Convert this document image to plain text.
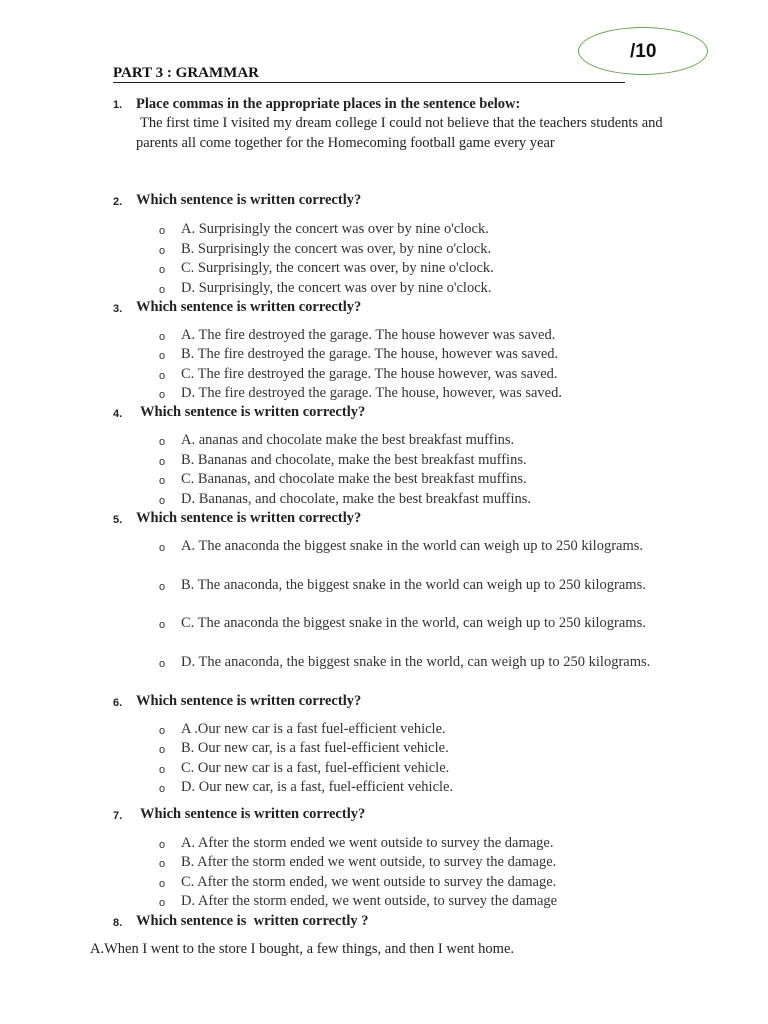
/10
PART 3 : GRAMMAR
1. Place commas in the appropriate places in the sentence below:
The first time I visited my dream college I could not believe that the teachers students and parents all come together for the Homecoming football game every year
2. Which sentence is written correctly?
o A. Surprisingly the concert was over by nine o'clock.
o B. Surprisingly the concert was over, by nine o'clock.
o C. Surprisingly, the concert was over, by nine o'clock.
o D. Surprisingly, the concert was over by nine o'clock.
3. Which sentence is written correctly?
o A. The fire destroyed the garage. The house however was saved.
o B. The fire destroyed the garage. The house, however was saved.
o C. The fire destroyed the garage. The house however, was saved.
o D. The fire destroyed the garage. The house, however, was saved.
4. Which sentence is written correctly?
o A. ananas and chocolate make the best breakfast muffins.
o B. Bananas and chocolate, make the best breakfast muffins.
o C. Bananas, and chocolate make the best breakfast muffins.
o D. Bananas, and chocolate, make the best breakfast muffins.
5. Which sentence is written correctly?
o A. The anaconda the biggest snake in the world can weigh up to 250 kilograms.
o B. The anaconda, the biggest snake in the world can weigh up to 250 kilograms.
o C. The anaconda the biggest snake in the world, can weigh up to 250 kilograms.
o D. The anaconda, the biggest snake in the world, can weigh up to 250 kilograms.
6. Which sentence is written correctly?
o A .Our new car is a fast fuel-efficient vehicle.
o B. Our new car, is a fast fuel-efficient vehicle.
o C. Our new car is a fast, fuel-efficient vehicle.
o D. Our new car, is a fast, fuel-efficient vehicle.
7. Which sentence is written correctly?
o A. After the storm ended we went outside to survey the damage.
o B. After the storm ended we went outside, to survey the damage.
o C. After the storm ended, we went outside to survey the damage.
o D. After the storm ended, we went outside, to survey the damage
8. Which sentence is  written correctly ?
A.When I went to the store I bought, a few things, and then I went home.
